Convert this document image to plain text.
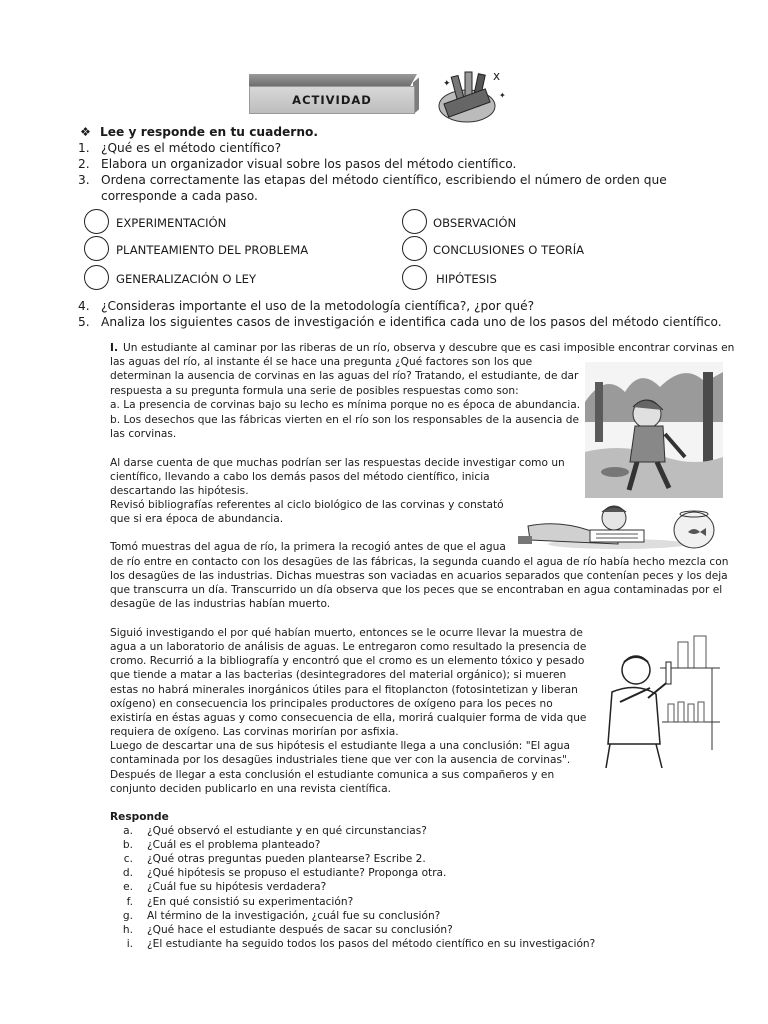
ACTIVIDAD
x
✦
✦
❖ Lee y responde en tu cuaderno.
1. ¿Qué es el método científico?
2. Elabora un organizador visual sobre los pasos del método científico.
3. Ordena correctamente las etapas del método científico, escribiendo el número de orden que
corresponde a cada paso.
EXPERIMENTACIÓN	OBSERVACIÓN
PLANTEAMIENTO DEL PROBLEMA	CONCLUSIONES O TEORÍA
GENERALIZACIÓN O LEY	HIPÓTESIS
4. ¿Consideras importante el uso de la metodología científica?, ¿por qué?
5. Analiza los siguientes casos de investigación e identifica cada uno de los pasos del método científico.
I. Un estudiante al caminar por las riberas de un río, observa y descubre que es casi imposible encontrar corvinas en
las aguas del río, al instante él se hace una pregunta ¿Qué factores son los que
determinan la ausencia de corvinas en las aguas del río? Tratando, el estudiante, de dar
respuesta a su pregunta formula una serie de posibles respuestas como son:
a. La presencia de corvinas bajo su lecho es mínima porque no es época de abundancia.
b. Los desechos que las fábricas vierten en el río son los responsables de la ausencia de
las corvinas.
Al darse cuenta de que muchas podrían ser las respuestas decide investigar como un
científico, llevando a cabo los demás pasos del método científico, inicia
descartando las hipótesis.
Revisó bibliografías referentes al ciclo biológico de las corvinas y constató
que si era época de abundancia.
Tomó muestras del agua de río, la primera la recogió antes de que el agua
de río entre en contacto con los desagües de las fábricas, la segunda cuando el agua de río había hecho mezcla con
los desagües de las industrias. Dichas muestras son vaciadas en acuarios separados que contenían peces y los deja
que transcurra un día. Transcurrido un día observa que los peces que se encontraban en agua contaminadas por el
desagüe de las industrias habían muerto.
Siguió investigando el por qué habían muerto, entonces se le ocurre llevar la muestra de
agua a un laboratorio de análisis de aguas. Le entregaron como resultado la presencia de
cromo. Recurrió a la bibliografía y encontró que el cromo es un elemento tóxico y pesado
que tiende a matar a las bacterias (desintegradores del material orgánico); si mueren
estas no habrá minerales inorgánicos útiles para el fitoplancton (fotosintetizan y liberan
oxígeno) en consecuencia los principales productores de oxígeno para los peces no
existiría en éstas aguas y como consecuencia de ella, morirá cualquier forma de vida que
requiera de oxígeno. Las corvinas morirían por asfixia.
Luego de descartar una de sus hipótesis el estudiante llega a una conclusión: "El agua
contaminada por los desagües industriales tiene que ver con la ausencia de corvinas".
Después de llegar a esta conclusión el estudiante comunica a sus compañeros y en
conjunto deciden publicarlo en una revista científica.
Responde
a. ¿Qué observó el estudiante y en qué circunstancias?
b. ¿Cuál es el problema planteado?
c. ¿Qué otras preguntas pueden plantearse? Escribe 2.
d. ¿Qué hipótesis se propuso el estudiante? Proponga otra.
e. ¿Cuál fue su hipótesis verdadera?
f. ¿En qué consistió su experimentación?
g. Al término de la investigación, ¿cuál fue su conclusión?
h. ¿Qué hace el estudiante después de sacar su conclusión?
i. ¿El estudiante ha seguido todos los pasos del método científico en su investigación?
